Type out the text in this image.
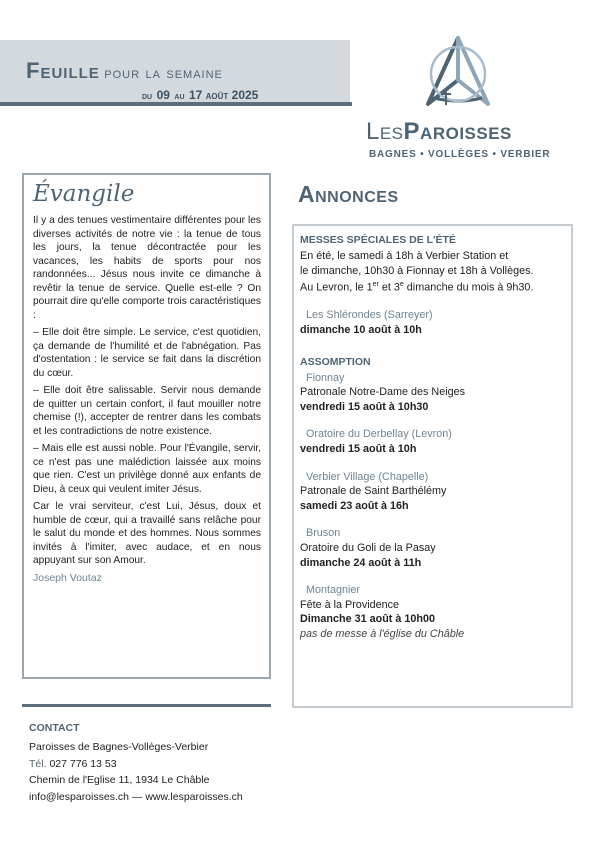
Feuille pour la semaine
du 09 au 17 août 2025
LesParoisses
BAGNES • VOLLÈGES • VERBIER
Évangile

Il y a des tenues vestimentaire différentes pour les diverses activités de notre vie : la tenue de tous les jours, la tenue décontractée pour les vacances, les habits de sports pour nos randonnées... Jésus nous invite ce dimanche à revêtir la tenue de service. Quelle est-elle ? On pourrait dire qu'elle comporte trois caractéristiques :

– Elle doit être simple. Le service, c'est quotidien, ça demande de l'humilité et de l'abnégation. Pas d'ostentation : le service se fait dans la discrétion du cœur.

– Elle doit être salissable. Servir nous demande de quitter un certain confort, il faut mouiller notre chemise (!), accepter de rentrer dans les combats et les contradictions de notre existence.

– Mais elle est aussi noble. Pour l'Évangile, servir, ce n'est pas une malédiction laissée aux moins que rien. C'est un privilège donné aux enfants de Dieu, à ceux qui veulent imiter Jésus.

Car le vrai serviteur, c'est Lui, Jésus, doux et humble de cœur, qui a travaillé sans relâche pour le salut du monde et des hommes. Nous sommes invités à l'imiter, avec audace, et en nous appuyant sur son Amour.

Joseph Voutaz
CONTACT
Paroisses de Bagnes-Vollèges-Verbier
Tél. 027 776 13 53
Chemin de l'Eglise 11, 1934 Le Châble
info@lesparoisses.ch — www.lesparoisses.ch
Annonces
MESSES SPÉCIALES DE L'ÉTÉ
En été, le samedi à 18h à Verbier Station et
le dimanche, 10h30 à Fionnay et 18h à Vollèges.
Au Levron, le 1er et 3e dimanche du mois à 9h30.
Les Shlérondes (Sarreyer)
dimanche 10 août à 10h
ASSOMPTION
Fionnay
Patronale Notre-Dame des Neiges
vendredi 15 août à 10h30
Oratoire du Derbellay (Levron)
vendredi 15 août à 10h
Verbier Village (Chapelle)
Patronale de Saint Barthélémy
samedi 23 août à 16h
Bruson
Oratoire du Goli de la Pasay
dimanche 24 août à 11h
Montagnier
Fête à la Providence
Dimanche 31 août à 10h00
pas de messe à l'église du Châble
